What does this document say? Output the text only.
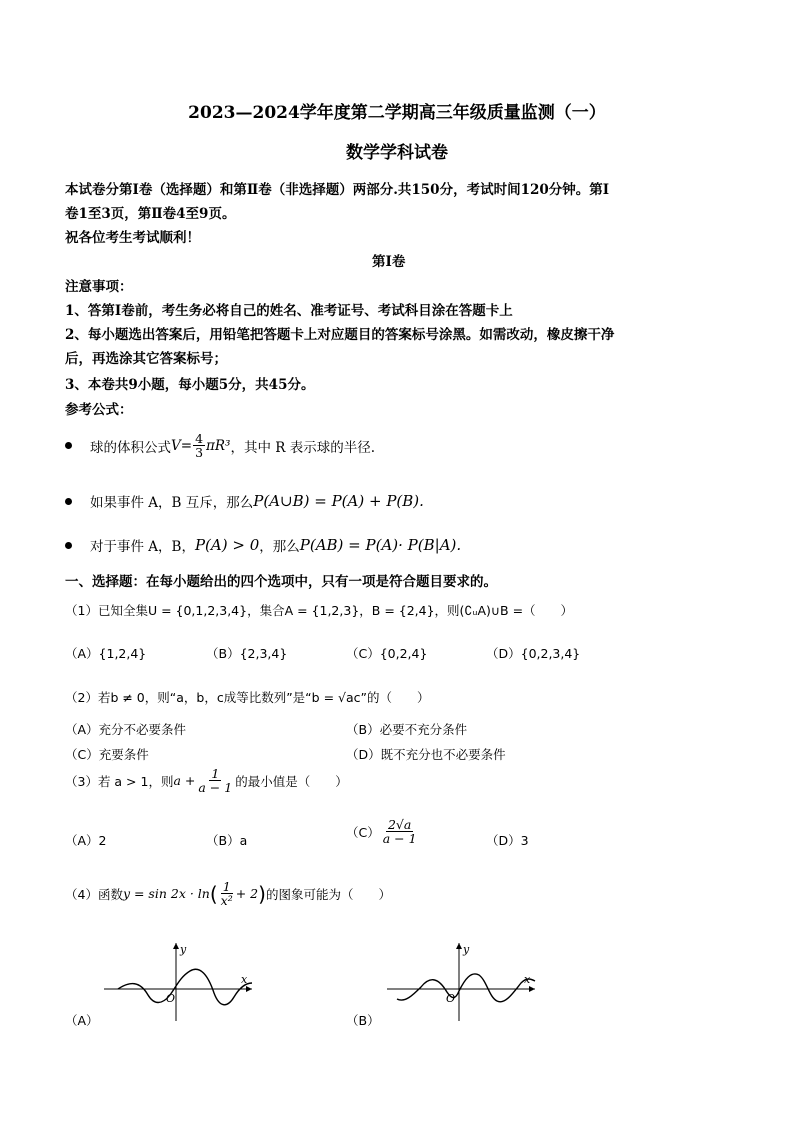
2023—2024学年度第二学期高三年级质量监测（一）
数学学科试卷
本试卷分第Ⅰ卷（选择题）和第Ⅱ卷（非选择题）两部分.共150分，考试时间120分钟。第Ⅰ
卷1至3页，第Ⅱ卷4至9页。
祝各位考生考试顺利！
第Ⅰ卷
注意事项：
1、答第Ⅰ卷前，考生务必将自己的姓名、准考证号、考试科目涂在答题卡上
2、每小题选出答案后，用铅笔把答题卡上对应题目的答案标号涂黑。如需改动，橡皮擦干净
后，再选涂其它答案标号；
3、本卷共9小题，每小题5分，共45分。
参考公式：
球的体积公式 $V = \frac{4}{3} \pi R^3$ ，其中 R 表示球的半径.
如果事件 A，B 互斥，那么 P(A∪B) = P(A) + P(B).
对于事件 A，B， P(A) > 0 ，那么 P(AB) = P(A)· P(B|A).
一、选择题：在每小题给出的四个选项中，只有一项是符合题目要求的。
（1）已知全集U = {0,1,2,3,4}，集合A = {1,2,3}，B = {2,4}，则(∁ᵤA)∪B =（　　）
（A）{1,2,4}	（B）{2,3,4}	（C）{0,2,4}	（D）{0,2,3,4}
（2）若b ≠ 0，则“a，b，c成等比数列”是“b = √ac”的（　　）
（A）充分不必要条件	（B）必要不充分条件
（C）充要条件	（D）既不充分也不必要条件
（3）若 a > 1，则 $a + \frac{1}{a - 1}$ 的最小值是（　　）
（A）2	（B）a
$(C) \frac{2√a}{a - 1}$	（D）3
（4）函数 y = sin 2x · ln ( $\frac{1}{\text{x²}} + 2$ ) 的图象可能为（　　）
y
x
O
（A）
y
x
O
（B）
